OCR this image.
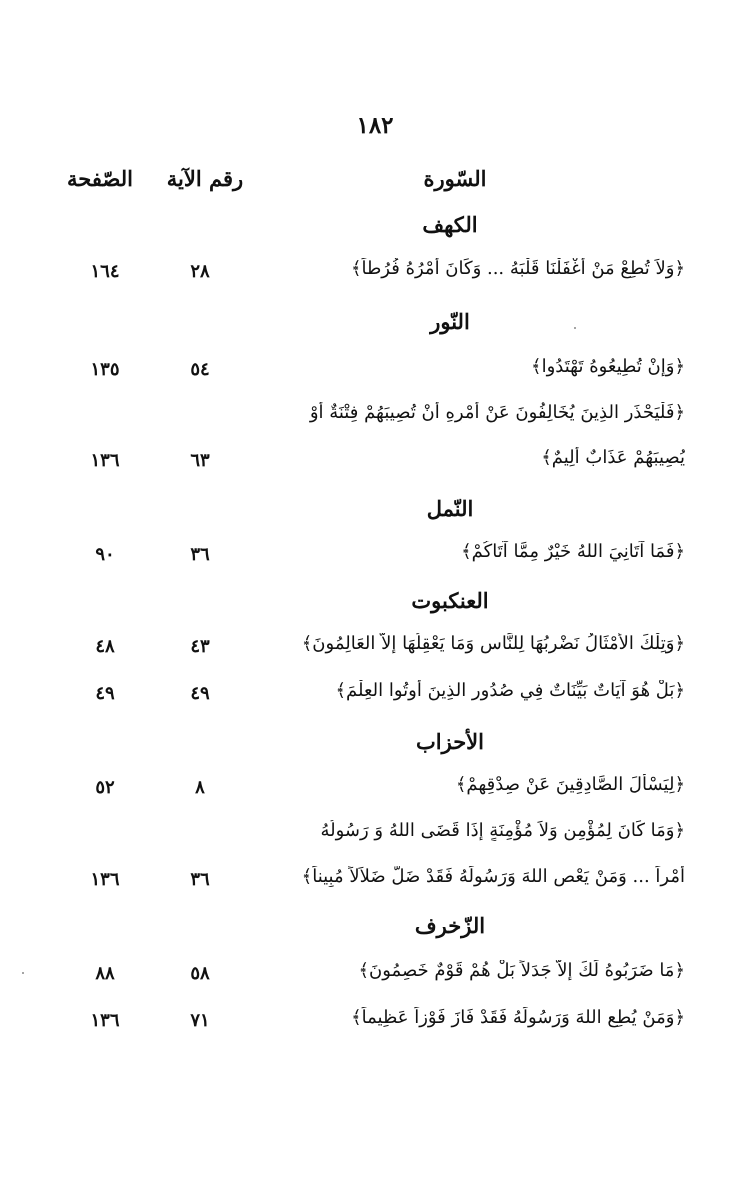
١٨٢
السّورة
رقم الآية
الصّفحة
الكهف
﴿وَلاَ تُطِعْ مَنْ أَغْفَلْنَا قَلْبَهُ ... وَكَانَ أَمْرُهُ فُرُطاً﴾
٢٨
١٦٤
النّور
﴿وَإِنْ تُطِيعُوهُ تَهْتَدُوا﴾
٥٤
١٣٥
﴿فَلْيَحْذَرِ الذِينَ يُخَالِفُونَ عَنْ أَمْرِهِ أَنْ تُصِيبَهُمْ فِتْنَةٌ أَوْ
يُصِيبَهُمْ عَذَابٌ أَلِيمٌ﴾
٦٣
١٣٦
النّمل
﴿فَمَا آتَانِيَ اللهُ خَيْرٌ مِمَّا آتَاكُمْ﴾
٣٦
٩٠
العنكبوت
﴿وَتِلْكَ الأَمْثَالُ نَضْرِبُهَا لِلنَّاسِ وَمَا يَعْقِلُهَا إِلاَّ العَالِمُونَ﴾
٤٣
٤٨
﴿بَلْ هُوَ آيَاتٌ بَيِّنَاتٌ فِي صُدُورِ الذِينَ أُوتُوا العِلْمَ﴾
٤٩
٤٩
الأحزاب
﴿لِيَسْأَلَ الصَّادِقِينَ عَنْ صِدْقِهِمْ﴾
٨
٥٢
﴿وَمَا كَانَ لِمُؤْمِنٍ وَلاَ مُؤْمِنَةٍ إِذَا قَضَى اللهُ وَ رَسُولُهُ
أَمْراً ... وَمَنْ يَعْصِ اللهَ وَرَسُولَهُ فَقَدْ ضَلَّ ضَلاَلاً مُبِيناً﴾
٣٦
١٣٦
الزّخرف
﴿مَا ضَرَبُوهُ لَكَ إِلاَّ جَدَلاً بَلْ هُمْ قَوْمٌ خَصِمُونَ﴾
٥٨
٨٨
﴿وَمَنْ يُطِعِ اللهَ وَرَسُولَهُ فَقَدْ فَازَ فَوْزاً عَظِيماً﴾
٧١
١٣٦
